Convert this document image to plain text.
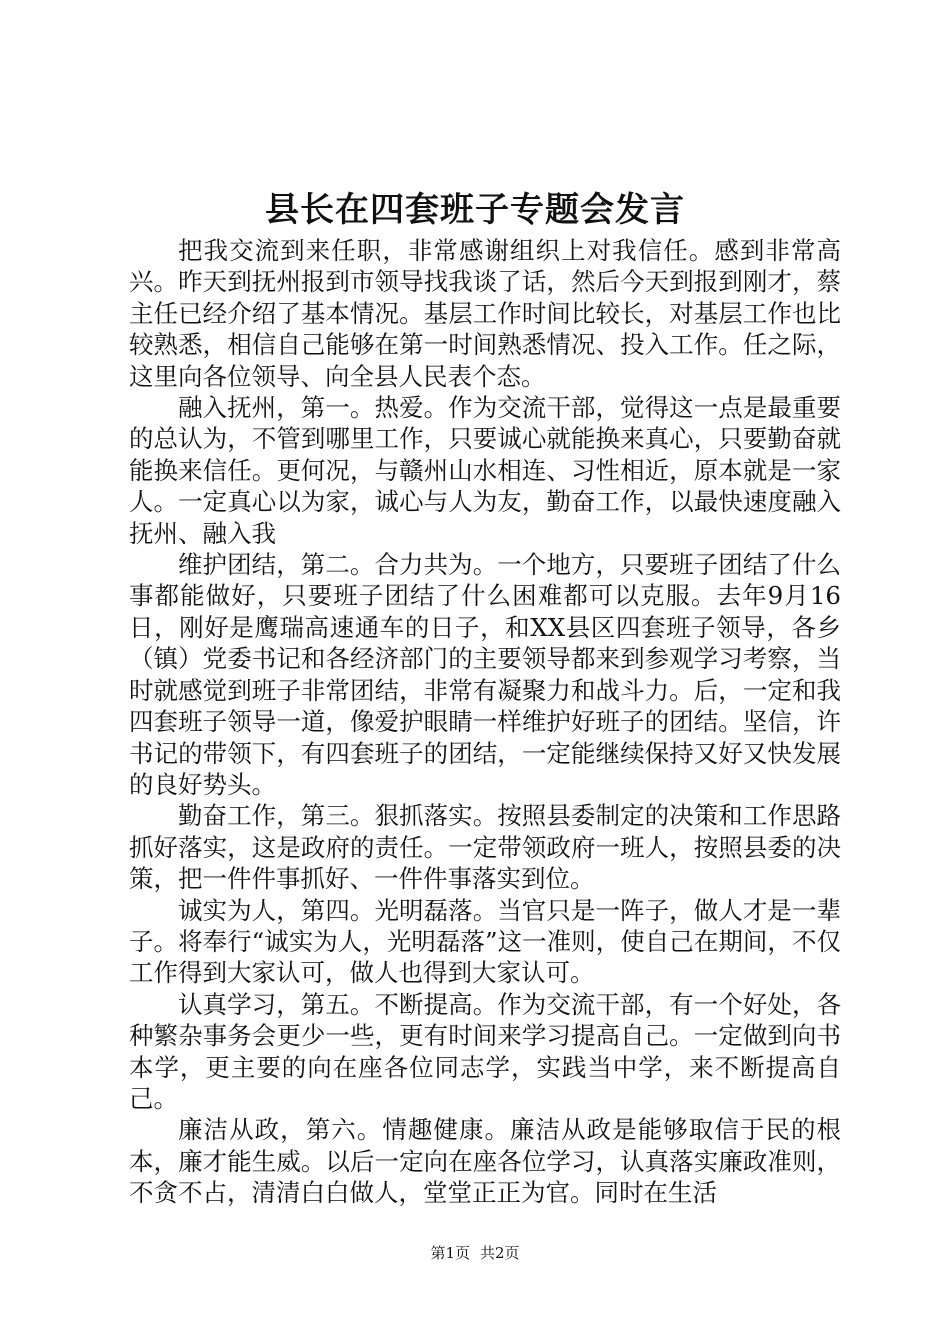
县长在四套班子专题会发言

把我交流到来任职，非常感谢组织上对我信任。感到非常高兴。昨天到抚州报到市领导找我谈了话，然后今天到报到刚才，蔡主任已经介绍了基本情况。基层工作时间比较长，对基层工作也比较熟悉，相信自己能够在第一时间熟悉情况、投入工作。任之际，这里向各位领导、向全县人民表个态。

融入抚州，第一。热爱。作为交流干部，觉得这一点是最重要的总认为，不管到哪里工作，只要诚心就能换来真心，只要勤奋就能换来信任。更何况，与赣州山水相连、习性相近，原本就是一家人。一定真心以为家，诚心与人为友，勤奋工作，以最快速度融入抚州、融入我

维护团结，第二。合力共为。一个地方，只要班子团结了什么事都能做好，只要班子团结了什么困难都可以克服。去年9月16日，刚好是鹰瑞高速通车的日子，和XX县区四套班子领导，各乡（镇）党委书记和各经济部门的主要领导都来到参观学习考察，当时就感觉到班子非常团结，非常有凝聚力和战斗力。后，一定和我四套班子领导一道，像爱护眼睛一样维护好班子的团结。坚信，许书记的带领下，有四套班子的团结，一定能继续保持又好又快发展的良好势头。

勤奋工作，第三。狠抓落实。按照县委制定的决策和工作思路抓好落实，这是政府的责任。一定带领政府一班人，按照县委的决策，把一件件事抓好、一件件事落实到位。

诚实为人，第四。光明磊落。当官只是一阵子，做人才是一辈子。将奉行“诚实为人，光明磊落”这一准则，使自己在期间，不仅工作得到大家认可，做人也得到大家认可。

认真学习，第五。不断提高。作为交流干部，有一个好处，各种繁杂事务会更少一些，更有时间来学习提高自己。一定做到向书本学，更主要的向在座各位同志学，实践当中学，来不断提高自己。

廉洁从政，第六。情趣健康。廉洁从政是能够取信于民的根本，廉才能生威。以后一定向在座各位学习，认真落实廉政准则，不贪不占，清清白白做人，堂堂正正为官。同时在生活

第1页 共2页
